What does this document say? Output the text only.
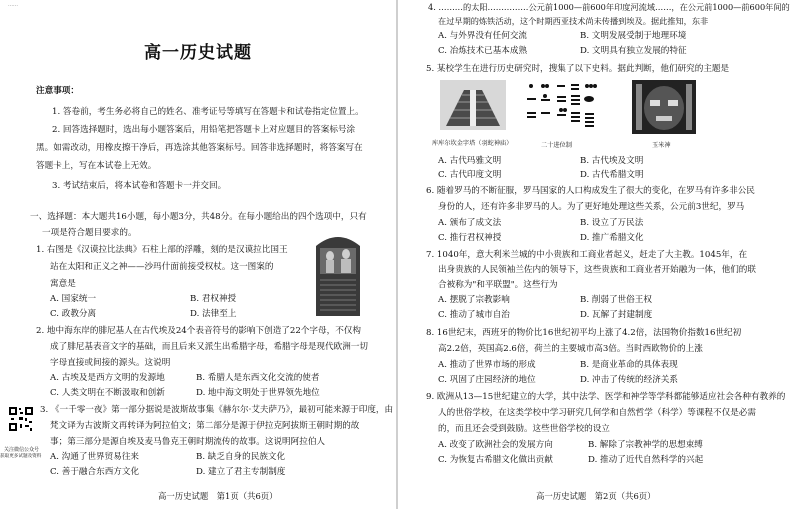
……
高一历史试题
注意事项：
1. 答卷前，考生务必将自己的姓名、准考证号等填写在答题卡和试卷指定位置上。
2. 回答选择题时，选出每小题答案后，用铅笔把答题卡上对应题目的答案标号涂
黑。如需改动，用橡皮擦干净后，再选涂其他答案标号。回答非选择题时，将答案写在
答题卡上，写在本试卷上无效。
3. 考试结束后，将本试卷和答题卡一并交回。
一、选择题：本大题共16小题，每小题3分，共48分。在每小题给出的四个选项中，只有
一项是符合题目要求的。
1. 右图是《汉谟拉比法典》石柱上部的浮雕，刻的是汉谟拉比国王
站在太阳和正义之神——沙玛什面前接受权杖。这一图案的
寓意是
A. 国家统一	B. 君权神授
C. 政教分离	D. 法律至上
2. 地中海东岸的腓尼基人在古代埃及24个表音符号的影响下创造了22个字母，不仅构
成了腓尼基表音文字的基础，而且后来又派生出希腊字母，希腊字母是现代欧洲一切
字母直接或间接的源头。这说明
A. 古埃及是西方文明的发源地	B. 希腊人是东西文化交流的使者
C. 人类文明在不断汲取和创新	D. 地中海文明处于世界领先地位
关注微信公众号
获取更多试题及资料
3. 《一千零一夜》第一部分据说是波斯故事集《赫尔尔·艾夫萨乃》，最初可能来源于印度，由
梵文译为古波斯文再转译为阿拉伯文；第二部分是源于伊拉克阿拔斯王朝时期的故
事；第三部分是源自埃及麦马鲁克王朝时期流传的故事。这说明阿拉伯人
A. 沟通了世界贸易往来	B. 缺乏自身的民族文化
C. 善于融合东西方文化	D. 建立了君主专制制度
高一历史试题　第1页（共6页）
4. ………的太阳……………公元前1000—前600年印度河流域……，在公元前1000—前600年间的
在过早期的炼铁活动，这个时期西亚技术尚未传播到埃及。据此推知，东非
A. 与外界没有任何交流	B. 文明发展受制于地理环境
C. 冶炼技术已基本成熟	D. 文明具有独立发展的特征
5. 某校学生在进行历史研究时，搜集了以下史料。据此判断，他们研究的主题是
库库尔坎金字塔（羽蛇神庙）	二十进位制	玉米神
A. 古代玛雅文明	B. 古代埃及文明
C. 古代印度文明	D. 古代希腊文明
6. 随着罗马的不断征服，罗马国家的人口构成发生了很大的变化，在罗马有许多非公民
身份的人，还有许多非罗马的人。为了更好地处理这些关系，公元前3世纪，罗马
A. 颁布了成文法	B. 设立了万民法
C. 推行君权神授	D. 推广希腊文化
7. 1040年，意大利米兰城的中小贵族和工商业者起义，赶走了大主教。1045年，在
出身贵族的人民领袖兰佐内的领导下，这些贵族和工商业者开始融为一体，他们的联
合被称为"和平联盟"。这些行为
A. 摆脱了宗教影响	B. 削弱了世俗王权
C. 推动了城市自治	D. 瓦解了封建制度
8. 16世纪末，西班牙的物价比16世纪初平均上涨了4.2倍，法国物价指数16世纪初
高2.2倍，英国高2.6倍，荷兰的主要城市高3倍。当时西欧物价的上涨
A. 推动了世界市场的形成	B. 是商业革命的具体表现
C. 巩固了庄园经济的地位	D. 冲击了传统的经济关系
9. 欧洲从13—15世纪建立的大学，其中法学、医学和神学等学科都能够适应社会各种有教养的
人的世俗学校，在这类学校中学习研究几何学和自然哲学（科学）等课程不仅是必需
的，而且还会受到鼓励。这些世俗学校的设立
A. 改变了欧洲社会的发展方向	B. 解除了宗教神学的思想束缚
C. 为恢复古希腊文化做出贡献	D. 推动了近代自然科学的兴起
高一历史试题　第2页（共6页）
